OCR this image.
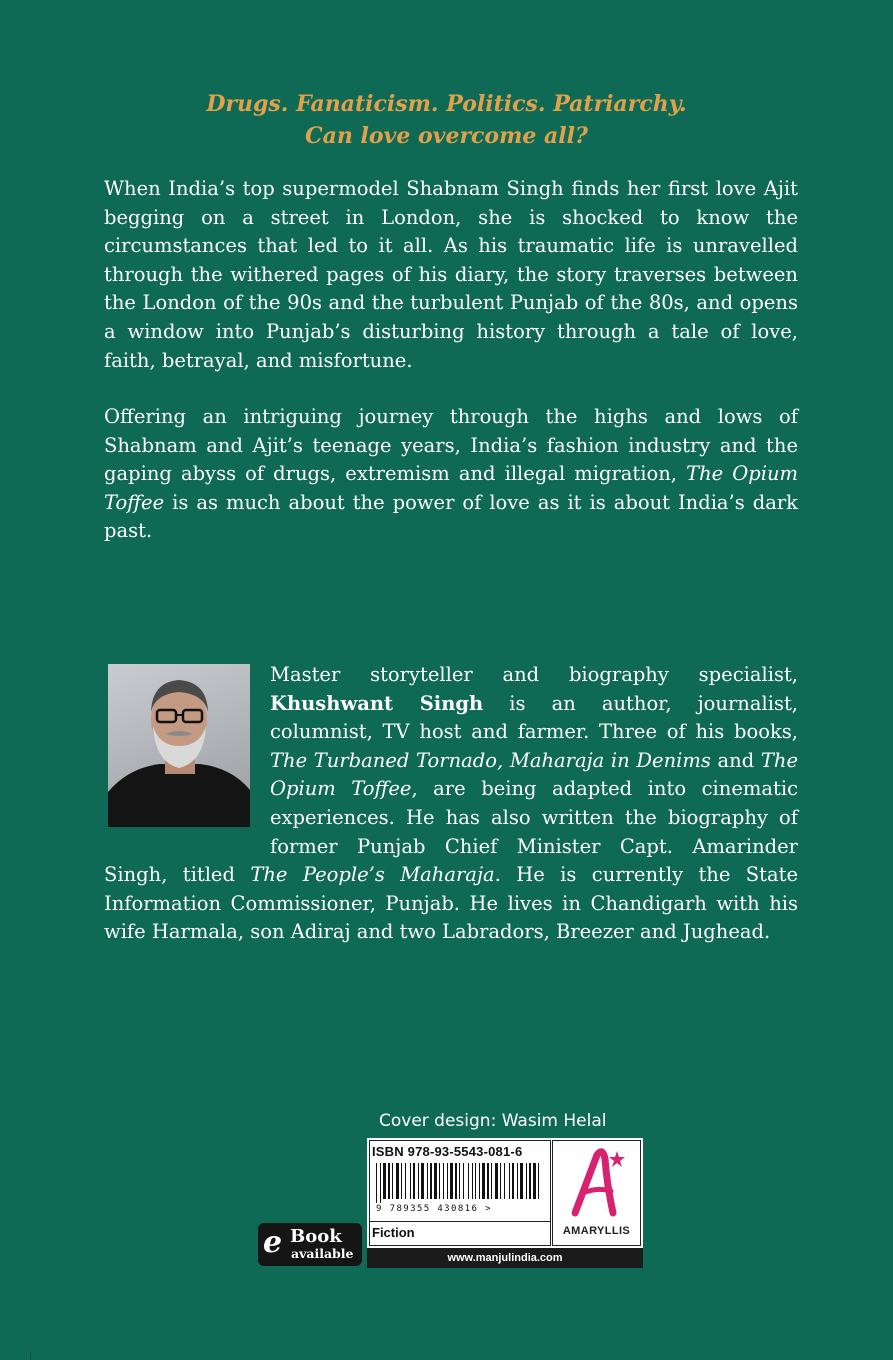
Drugs. Fanaticism. Politics. Patriarchy.
Can love overcome all?

When India’s top supermodel Shabnam Singh finds her first love Ajit begging on a street in London, she is shocked to know the circumstances that led to it all. As his traumatic life is unravelled through the withered pages of his diary, the story traverses between the London of the 90s and the turbulent Punjab of the 80s, and opens a window into Punjab’s disturbing history through a tale of love, faith, betrayal, and misfortune.

Offering an intriguing journey through the highs and lows of Shabnam and Ajit’s teenage years, India’s fashion industry and the gaping abyss of drugs, extremism and illegal migration, The Opium Toffee is as much about the power of love as it is about India’s dark past.

Master storyteller and biography specialist, Khushwant Singh is an author, journalist, columnist, TV host and farmer. Three of his books, The Turbaned Tornado, Maharaja in Denims and The Opium Toffee, are being adapted into cinematic experiences. He has also written the biography of former Punjab Chief Minister Capt. Amarinder Singh, titled The People’s Maharaja. He is currently the State Information Commissioner, Punjab. He lives in Chandigarh with his wife Harmala, son Adiraj and two Labradors, Breezer and Jughead.

Cover design: Wasim Helal
e Book
available
ISBN 978-93-5543-081-6
9 789355 430816 >
Fiction	AMARYLLIS
www.manjulindia.com
